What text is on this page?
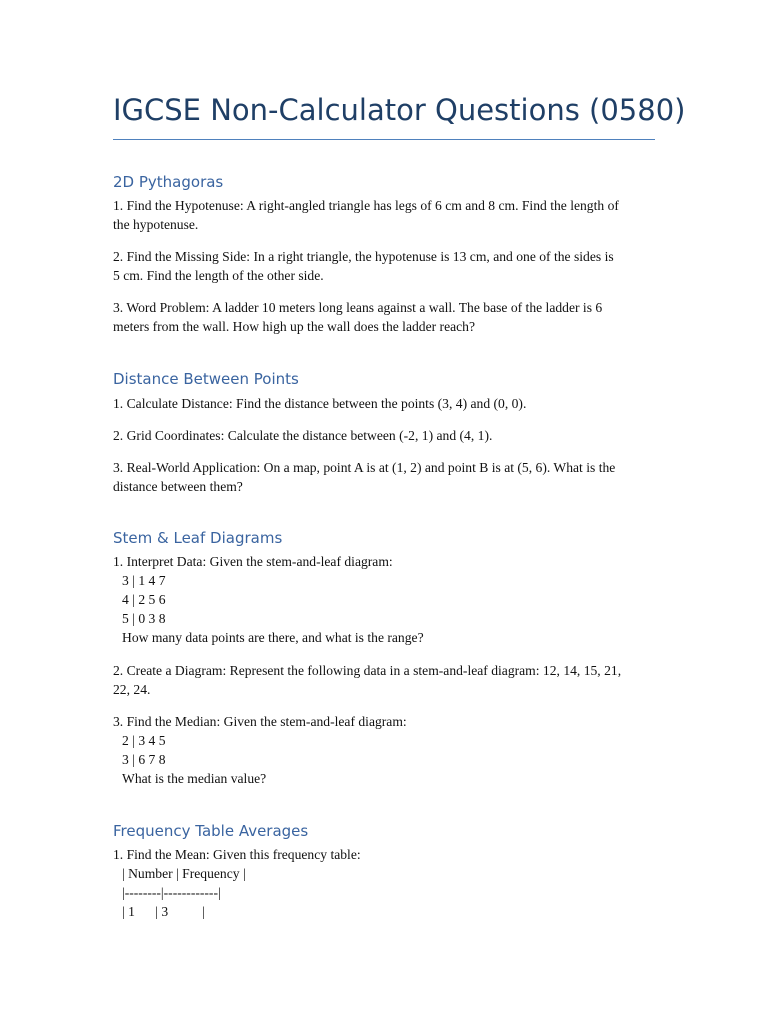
IGCSE Non-Calculator Questions (0580)
2D Pythagoras
1. Find the Hypotenuse: A right-angled triangle has legs of 6 cm and 8 cm. Find the length of
the hypotenuse.
2. Find the Missing Side: In a right triangle, the hypotenuse is 13 cm, and one of the sides is
5 cm. Find the length of the other side.
3. Word Problem: A ladder 10 meters long leans against a wall. The base of the ladder is 6
meters from the wall. How high up the wall does the ladder reach?
Distance Between Points
1. Calculate Distance: Find the distance between the points (3, 4) and (0, 0).
2. Grid Coordinates: Calculate the distance between (-2, 1) and (4, 1).
3. Real-World Application: On a map, point A is at (1, 2) and point B is at (5, 6). What is the
distance between them?
Stem & Leaf Diagrams
1. Interpret Data: Given the stem-and-leaf diagram:
3 | 1 4 7
4 | 2 5 6
5 | 0 3 8
How many data points are there, and what is the range?
2. Create a Diagram: Represent the following data in a stem-and-leaf diagram: 12, 14, 15, 21,
22, 24.
3. Find the Median: Given the stem-and-leaf diagram:
2 | 3 4 5
3 | 6 7 8
What is the median value?
Frequency Table Averages
1. Find the Mean: Given this frequency table:
| Number | Frequency |
|--------|------------|
| 1      | 3          |
